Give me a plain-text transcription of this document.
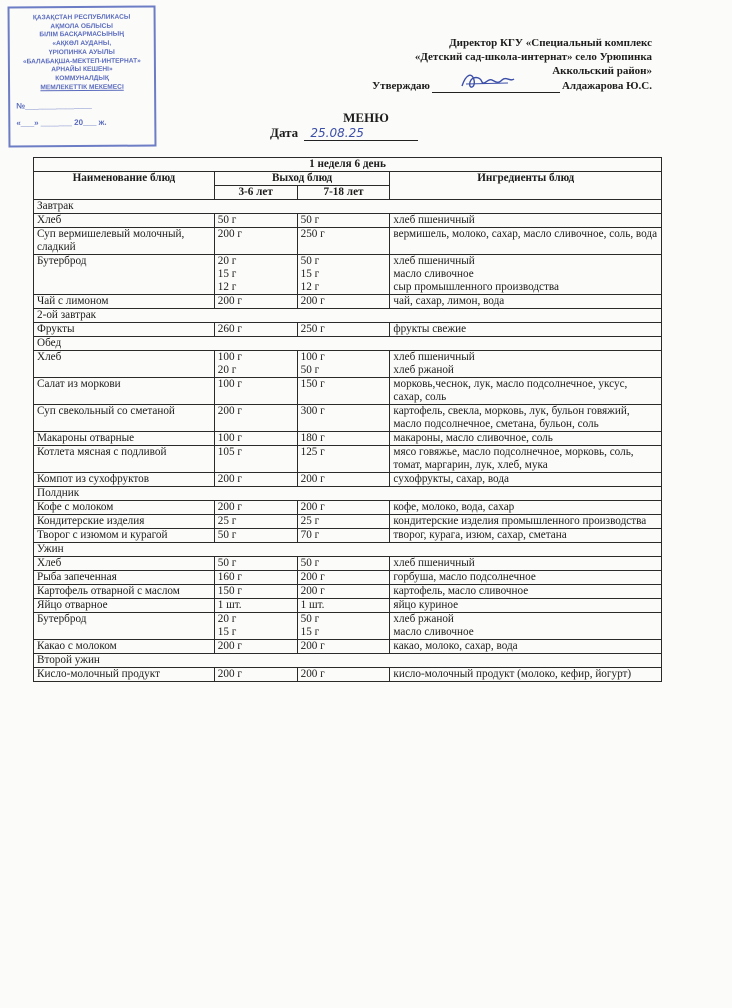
ҚАЗАҚСТАН РЕСПУБЛИКАСЫ
АҚМОЛА ОБЛЫСЫ
БІЛІМ БАСҚАРМАСЫНЫҢ
«АҚКӨЛ АУДАНЫ,
ҮРІОПИНКА АУЫЛЫ
«БАЛАБАҚША-МЕКТЕП-ИНТЕРНАТ»
АРНАЙЫ КЕШЕНІ»
КОММУНАЛДЫҚ
МЕМЛЕКЕТТІК МЕКЕМЕСІ
№_______________
«___» _______ 20___ ж.
Директор КГУ «Специальный комплекс
«Детский сад-школа-интернат» село Урюпинка
Аккольский район»
Утверждаю	Алдажарова Ю.С.
МЕНЮ
Дата 25.08.25
1 неделя 6 день			
Наименование блюд	Выход блюд		Ингредиенты блюд
	3-6 лет	7-18 лет	
Завтрак			
Хлеб	50 г	50 г	хлеб пшеничный
Суп вермишелевый молочный, сладкий	200 г	250 г	вермишель, молоко, сахар, масло сливочное, соль, вода
Бутерброд	20 г
15 г
12 г	50 г
15 г
12 г	хлеб пшеничный
масло сливочное
сыр промышленного производства
Чай с лимоном	200 г	200 г	чай, сахар, лимон, вода
2-ой завтрак			
Фрукты	260 г	250 г	фрукты свежие
Обед			
Хлеб	100 г
20 г	100 г
50 г	хлеб пшеничный
хлеб ржаной
Салат из моркови	100 г	150 г	морковь,чеснок, лук, масло подсолнечное, уксус, сахар, соль
Суп свекольный со сметаной	200 г	300 г	картофель, свекла, морковь, лук, бульон говяжий, масло подсолнечное, сметана, бульон, соль
Макароны отварные	100 г	180 г	макароны, масло сливочное, соль
Котлета мясная с подливой	105 г	125 г	мясо говяжье, масло подсолнечное, морковь, соль, томат, маргарин, лук, хлеб, мука
Компот из сухофруктов	200 г	200 г	сухофрукты, сахар, вода
Полдник			
Кофе с молоком	200 г	200 г	кофе, молоко, вода, сахар
Кондитерские изделия	25 г	25 г	кондитерские изделия промышленного производства
Творог с изюмом и курагой	50 г	70 г	творог, курага, изюм, сахар, сметана
Ужин			
Хлеб	50 г	50 г	хлеб пшеничный
Рыба запеченная	160 г	200 г	горбуша, масло подсолнечное
Картофель отварной с маслом	150 г	200 г	картофель, масло сливочное
Яйцо отварное	1 шт.	1 шт.	яйцо куриное
Бутерброд	20 г
15 г	50 г
15 г	хлеб ржаной
масло сливочное
Какао с молоком	200 г	200 г	какао, молоко, сахар, вода
Второй ужин			
Кисло-молочный продукт	200 г	200 г	кисло-молочный продукт (молоко, кефир, йогурт)
